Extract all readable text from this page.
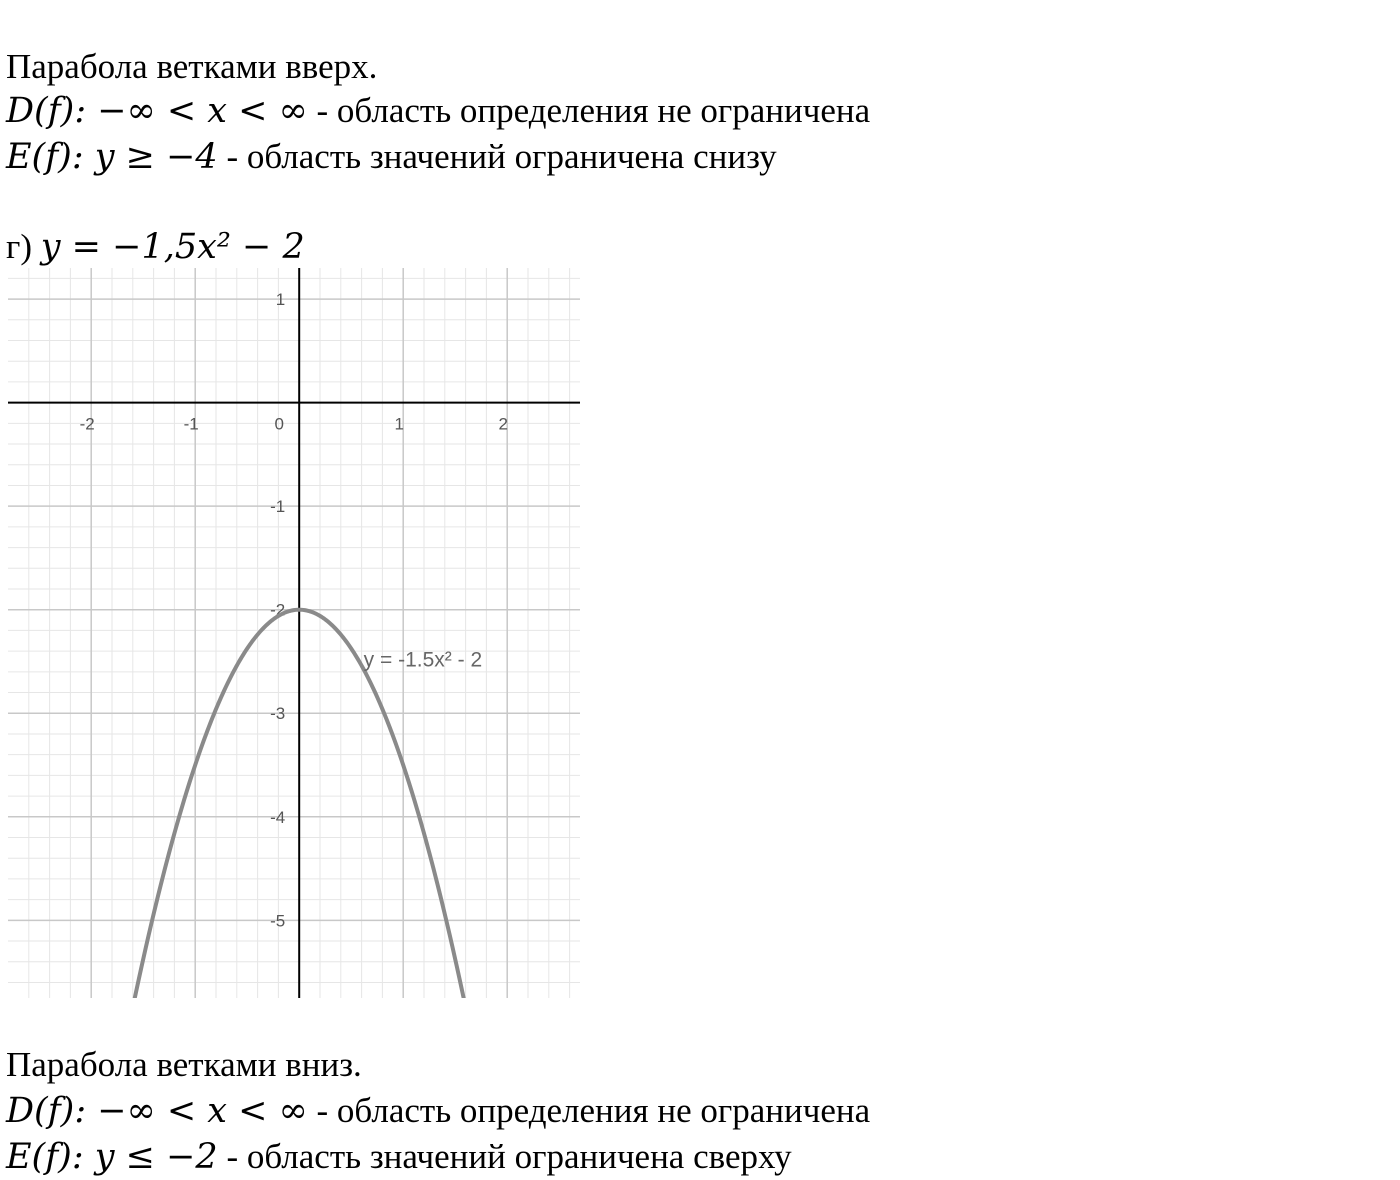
Парабола ветками вверх.
D(f): −∞ < x < ∞ - область определения не ограничена
E(f): y ≥ −4 - область значений ограничена снизу
г) y = −1,5x² − 2
-2	-1	0	1	2
1
-1
-2
-3
-4
-5
y = -1.5x² - 2
Парабола ветками вниз.
D(f): −∞ < x < ∞ - область определения не ограничена
E(f): y ≤ −2 - область значений ограничена сверху
